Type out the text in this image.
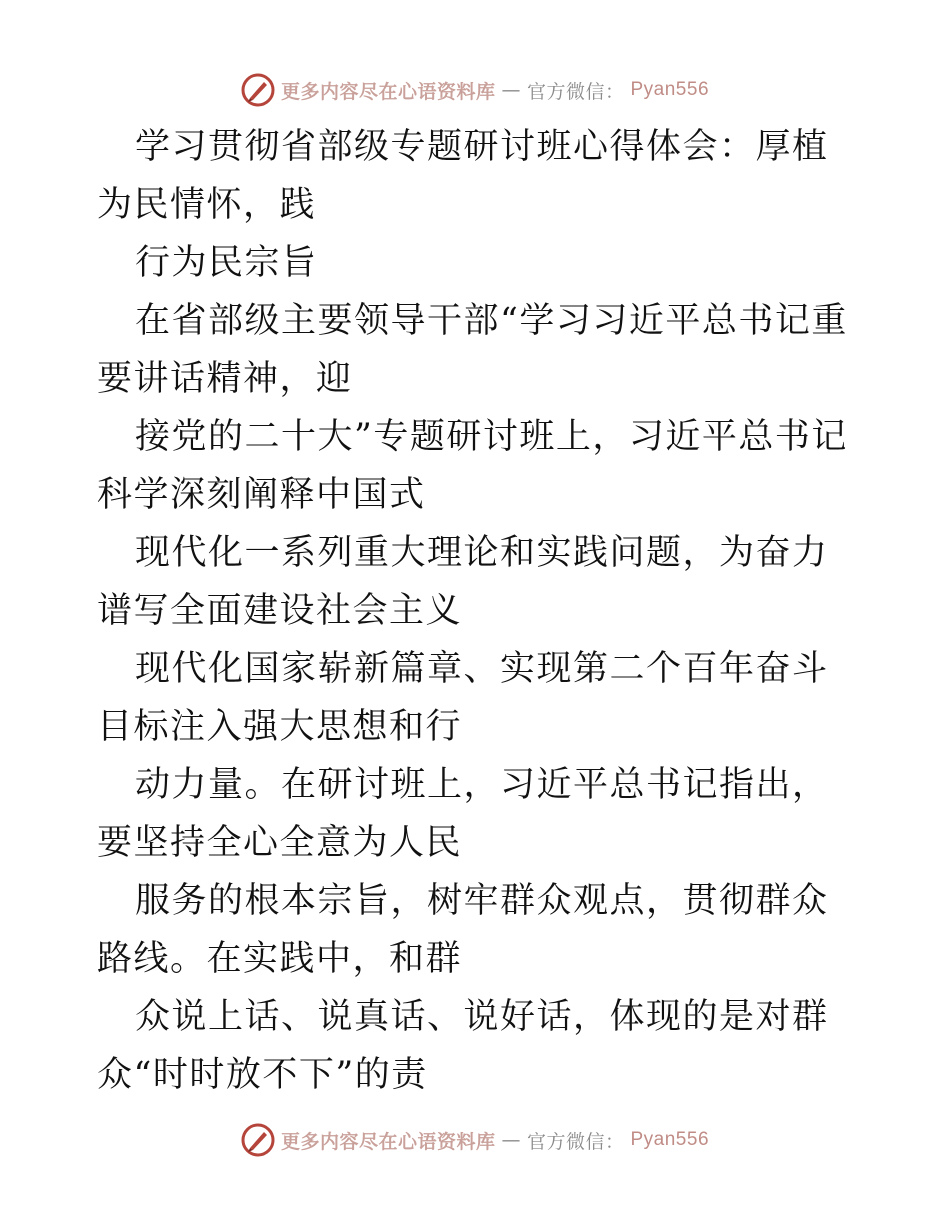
更多内容尽在心语资料库 — 官方微信： Pyan556

学习贯彻省部级专题研讨班心得体会：厚植为民情怀，践

行为民宗旨

在省部级主要领导干部“学习习近平总书记重要讲话精神，迎

接党的二十大”专题研讨班上，习近平总书记科学深刻阐释中国式

现代化一系列重大理论和实践问题，为奋力谱写全面建设社会主义

现代化国家崭新篇章、实现第二个百年奋斗目标注入强大思想和行

动力量。在研讨班上，习近平总书记指出，要坚持全心全意为人民

服务的根本宗旨，树牢群众观点，贯彻群众路线。在实践中，和群

众说上话、说真话、说好话，体现的是对群众“时时放不下”的责

更多内容尽在心语资料库 — 官方微信： Pyan556
